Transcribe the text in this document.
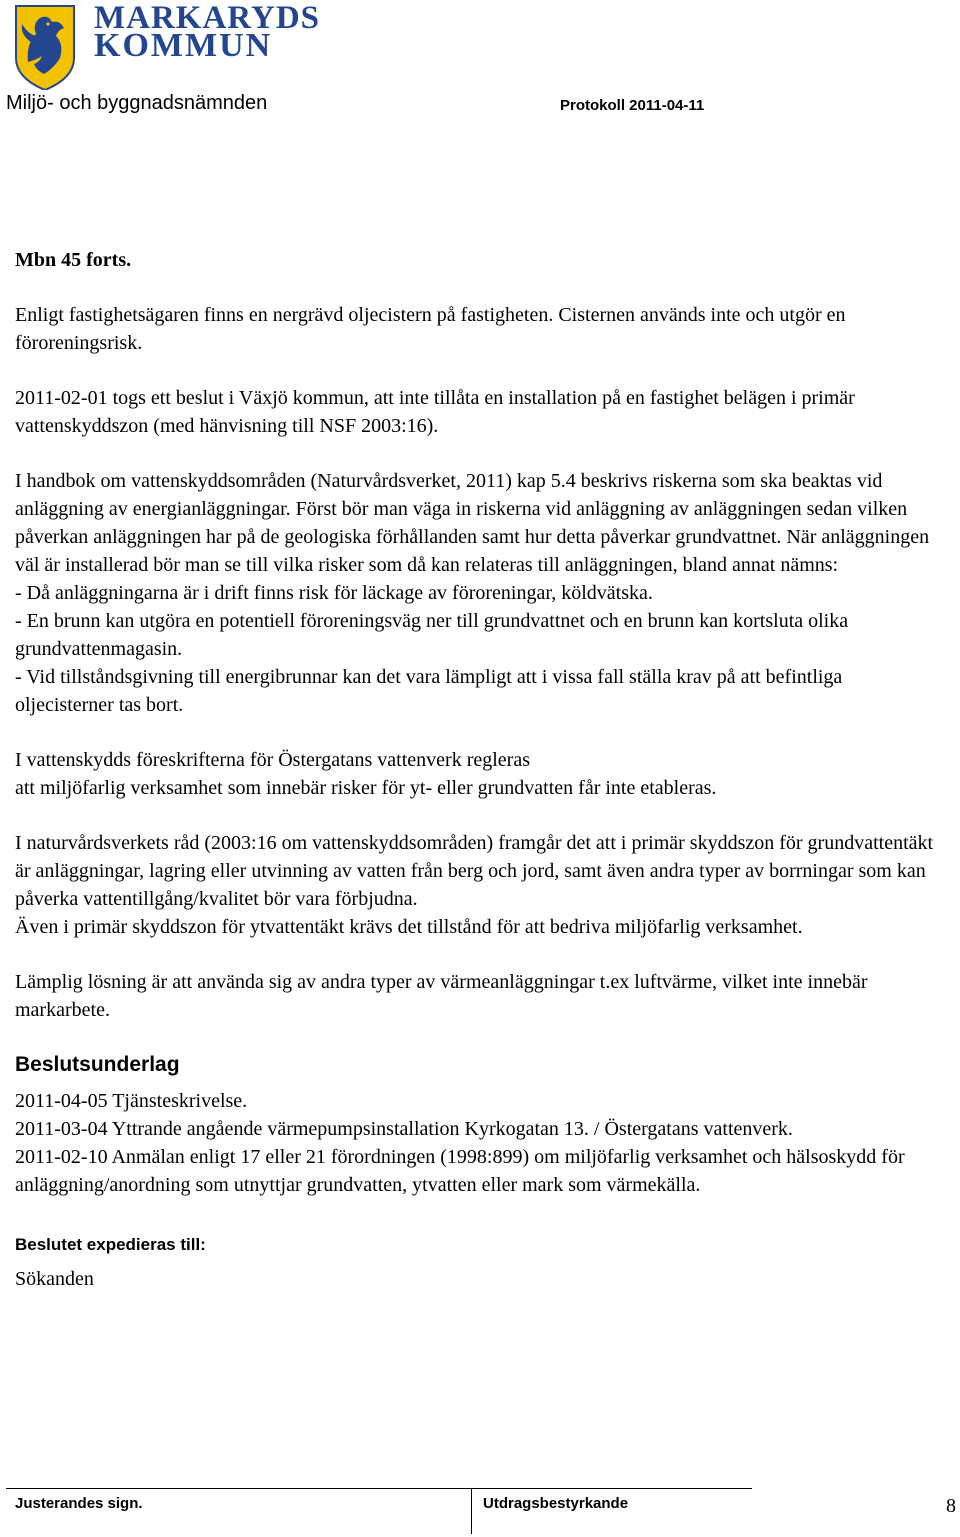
MARKARYDS
KOMMUN
Miljö- och byggnadsnämnden	Protokoll 2011-04-11

Mbn 45 forts.

Enligt fastighetsägaren finns en nergrävd oljecistern på fastigheten. Cisternen används inte och utgör en föroreningsrisk.

2011-02-01 togs ett beslut i Växjö kommun, att inte tillåta en installation på en fastighet belägen i primär vattenskyddszon (med hänvisning till NSF 2003:16).

I handbok om vattenskyddsområden (Naturvårdsverket, 2011) kap 5.4 beskrivs riskerna som ska beaktas vid anläggning av energianläggningar. Först bör man väga in riskerna vid anläggning av anläggningen sedan vilken påverkan anläggningen har på de geologiska förhållanden samt hur detta påverkar grundvattnet. När anläggningen väl är installerad bör man se till vilka risker som då kan relateras till anläggningen, bland annat nämns:

- Då anläggningarna är i drift finns risk för läckage av föroreningar, köldvätska.

- En brunn kan utgöra en potentiell föroreningsväg ner till grundvattnet och en brunn kan kortsluta olika grundvattenmagasin.

- Vid tillståndsgivning till energibrunnar kan det vara lämpligt att i vissa fall ställa krav på att befintliga oljecisterner tas bort.

I vattenskydds föreskrifterna för Östergatans vattenverk regleras

att miljöfarlig verksamhet som innebär risker för yt- eller grundvatten får inte etableras.

I naturvårdsverkets råd (2003:16 om vattenskyddsområden) framgår det att i primär skyddszon för grundvattentäkt är anläggningar, lagring eller utvinning av vatten från berg och jord, samt även andra typer av borrningar som kan påverka vattentillgång/kvalitet bör vara förbjudna.

Även i primär skyddszon för ytvattentäkt krävs det tillstånd för att bedriva miljöfarlig verksamhet.

Lämplig lösning är att använda sig av andra typer av värmeanläggningar t.ex luftvärme, vilket inte innebär markarbete.

Beslutsunderlag

2011-04-05 Tjänsteskrivelse.

2011-03-04 Yttrande angående värmepumpsinstallation Kyrkogatan 13. / Östergatans vattenverk.

2011-02-10 Anmälan enligt 17 eller 21 förordningen (1998:899) om miljöfarlig verksamhet och hälsoskydd för anläggning/anordning som utnyttjar grundvatten, ytvatten eller mark som värmekälla.

Beslutet expedieras till:

Sökanden

Justerandes sign.	Utdragsbestyrkande	8
